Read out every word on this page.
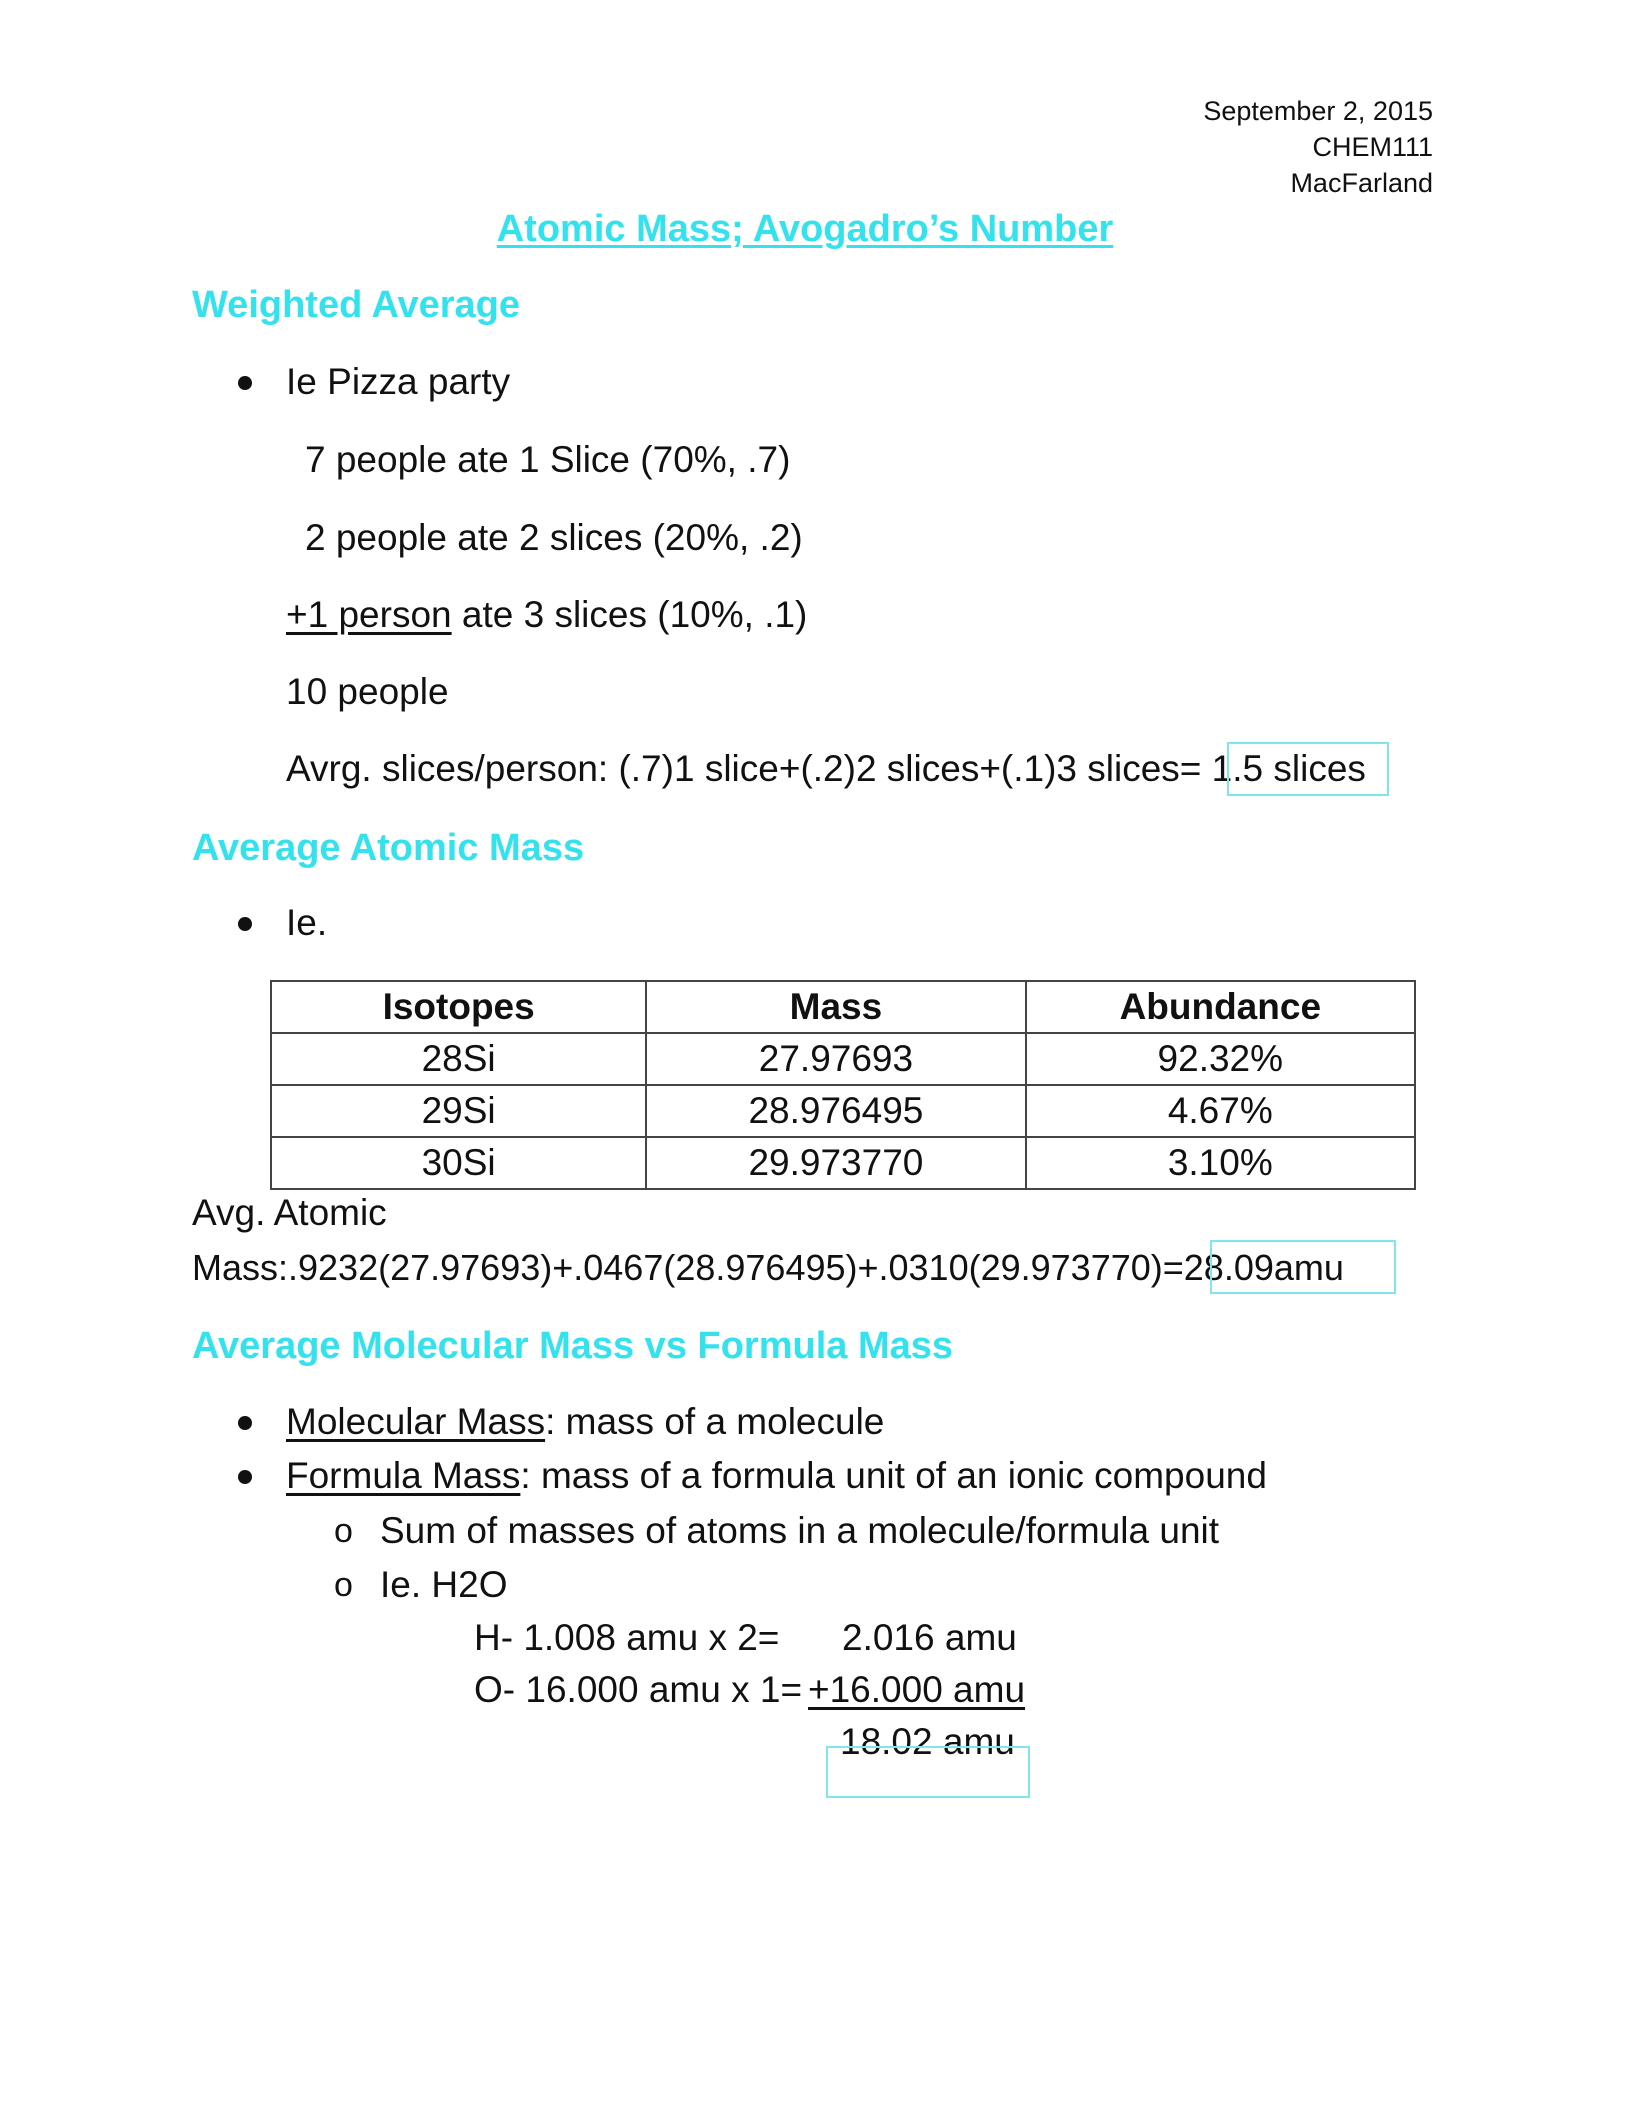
September 2, 2015
CHEM111
MacFarland
Atomic Mass; Avogadro’s Number
Weighted Average
Ie Pizza party
7 people ate 1 Slice (70%, .7)
2 people ate 2 slices (20%, .2)
+1 person ate 3 slices (10%, .1)
10 people
Avrg. slices/person: (.7)1 slice+(.2)2 slices+(.1)3 slices= 1.5 slices
Average Atomic Mass
Ie.
Isotopes	Mass	Abundance
28Si	27.97693	92.32%
29Si	28.976495	4.67%
30Si	29.973770	3.10%
Avg. Atomic
Mass:.9232(27.97693)+.0467(28.976495)+.0310(29.973770)=28.09amu
Average Molecular Mass vs Formula Mass
Molecular Mass: mass of a molecule
Formula Mass: mass of a formula unit of an ionic compound
o Sum of masses of atoms in a molecule/formula unit
o Ie. H2O
H- 1.008 amu x 2= 2.016 amu
O- 16.000 amu x 1= +16.000 amu
18.02 amu
